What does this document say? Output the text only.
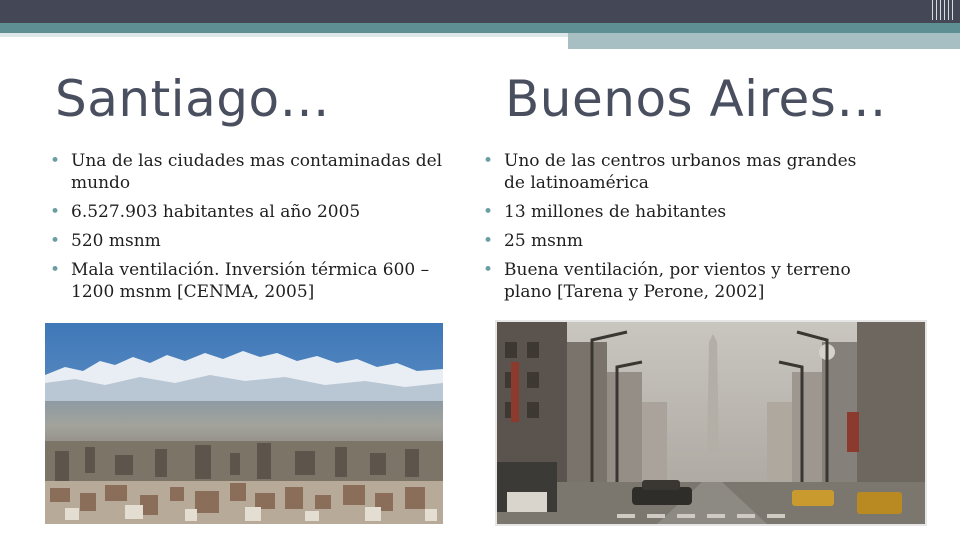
Santiago…	Buenos Aires…
• Una de las ciudades mas contaminadas del mundo
• 6.527.903 habitantes al año 2005
• 520 msnm
• Mala ventilación. Inversión térmica 600 – 1200 msnm [CENMA, 2005]
• Uno de las centros urbanos mas grandes de latinoamérica
• 13 millones de habitantes
• 25 msnm
• Buena ventilación, por vientos y terreno plano [Tarena y Perone, 2002]
